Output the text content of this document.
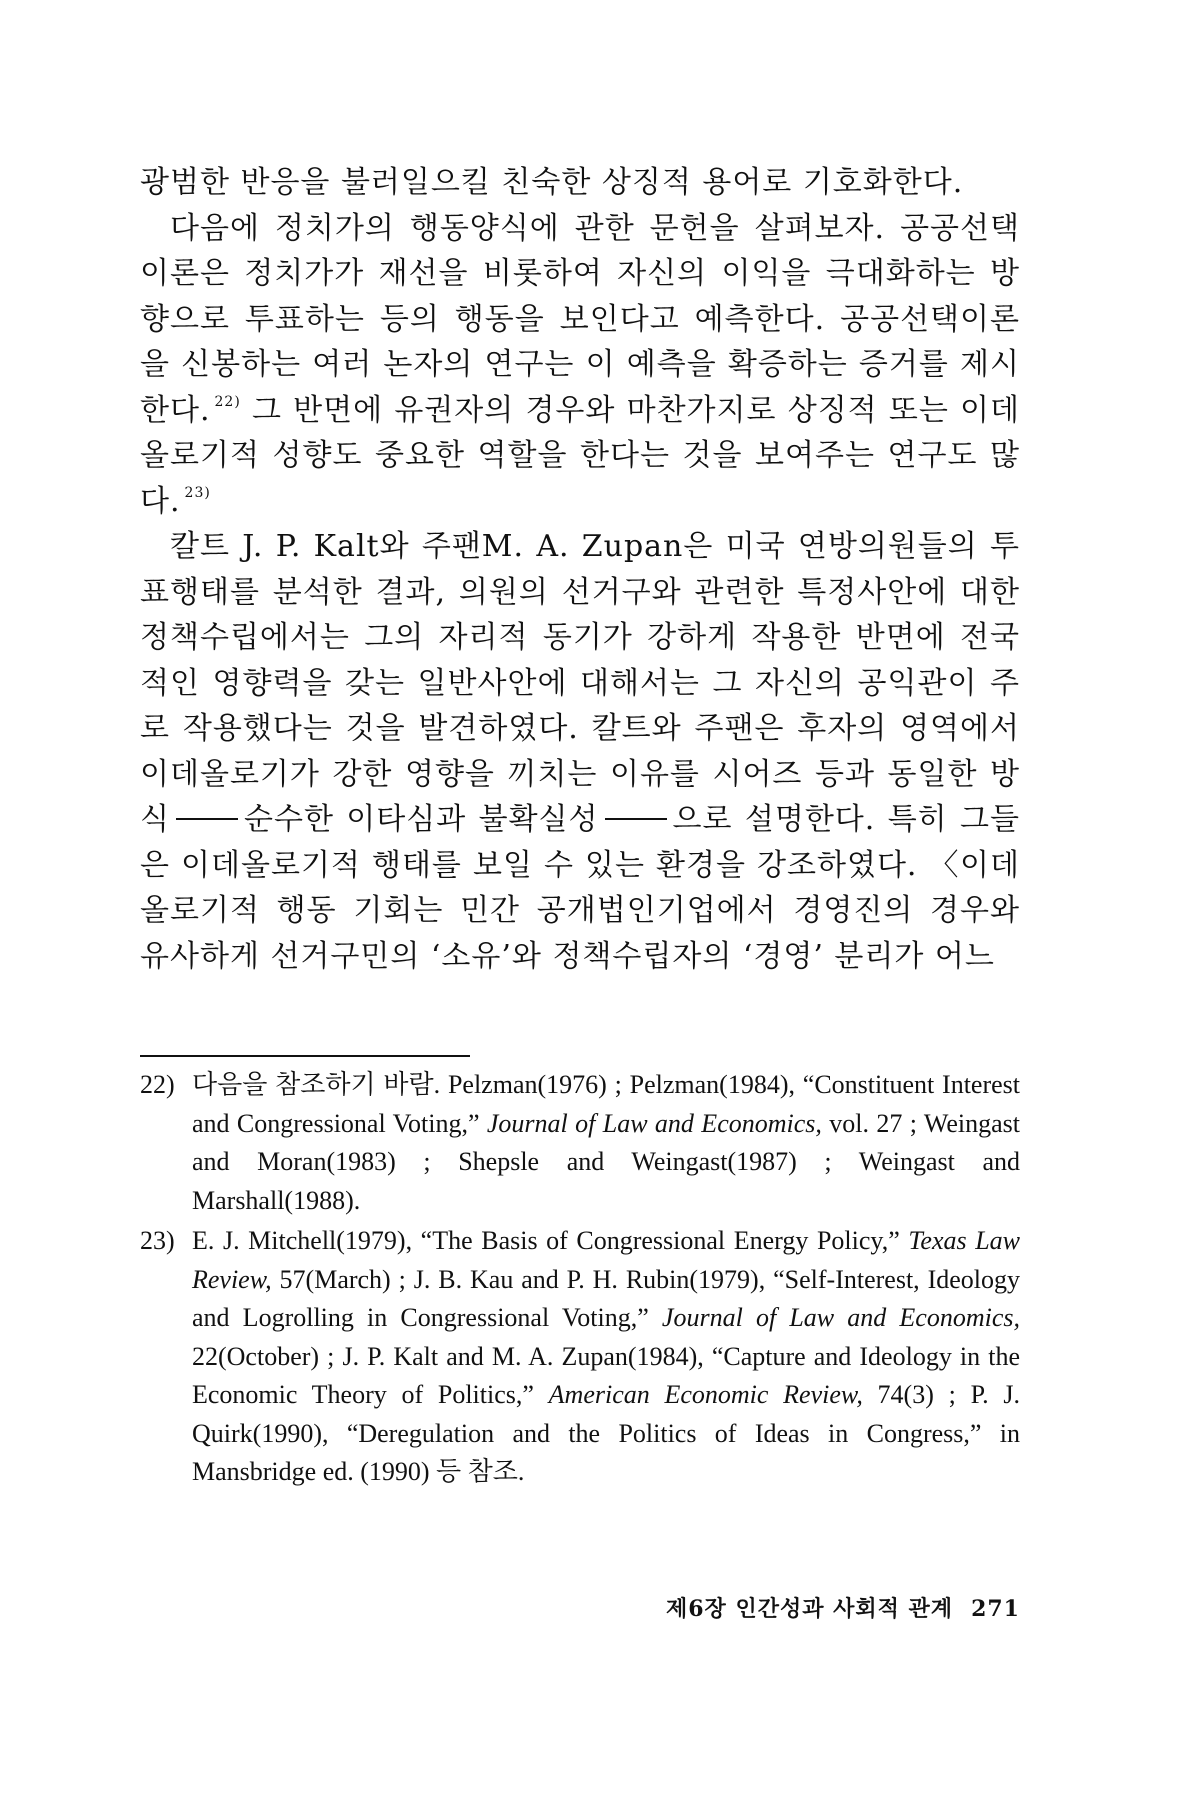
광범한 반응을 불러일으킬 친숙한 상징적 용어로 기호화한다.

다음에 정치가의 행동양식에 관한 문헌을 살펴보자. 공공선택이론은 정치가가 재선을 비롯하여 자신의 이익을 극대화하는 방향으로 투표하는 등의 행동을 보인다고 예측한다. 공공선택이론을 신봉하는 여러 논자의 연구는 이 예측을 확증하는 증거를 제시한다. $^{22)}$ 그 반면에 유권자의 경우와 마찬가지로 상징적 또는 이데올로기적 성향도 중요한 역할을 한다는 것을 보여주는 연구도 많다. $^{23)}$

칼트 J. P. Kalt와 주팬M. A. Zupan은 미국 연방의원들의 투표행태를 분석한 결과, 의원의 선거구와 관련한 특정사안에 대한 정책수립에서는 그의 자리적 동기가 강하게 작용한 반면에 전국적인 영향력을 갖는 일반사안에 대해서는 그 자신의 공익관이 주로 작용했다는 것을 발견하였다. 칼트와 주팬은 후자의 영역에서 이데올로기가 강한 영향을 끼치는 이유를 시어즈 등과 동일한 방식 순수한 이타심과 불확실성 으로 설명한다. 특히 그들은 이데올로기적 행태를 보일 수 있는 환경을 강조하였다. 〈이데올로기적 행동 기회는 민간 공개법인기업에서 경영진의 경우와 유사하게 선거구민의 ‘소유’와 정책수립자의 ‘경영’ 분리가 어느

22) 다음을 참조하기 바람. Pelzman(1976) ; Pelzman(1984), “Constituent Interest and Congressional Voting,” Journal of Law and Economics, vol. 27 ; Weingast and Moran(1983) ; Shepsle and Weingast(1987) ; Weingast and Marshall(1988).
23) E. J. Mitchell(1979), “The Basis of Congressional Energy Policy,” Texas Law Review, 57(March) ; J. B. Kau and P. H. Rubin(1979), “Self-Interest, Ideology and Logrolling in Congressional Voting,” Journal of Law and Economics, 22(October) ; J. P. Kalt and M. A. Zupan(1984), “Capture and Ideology in the Economic Theory of Politics,” American Economic Review, 74(3) ; P. J. Quirk(1990), “Deregulation and the Politics of Ideas in Congress,” in Mansbridge ed. (1990) 등 참조.
제6장 인간성과 사회적 관계 271
